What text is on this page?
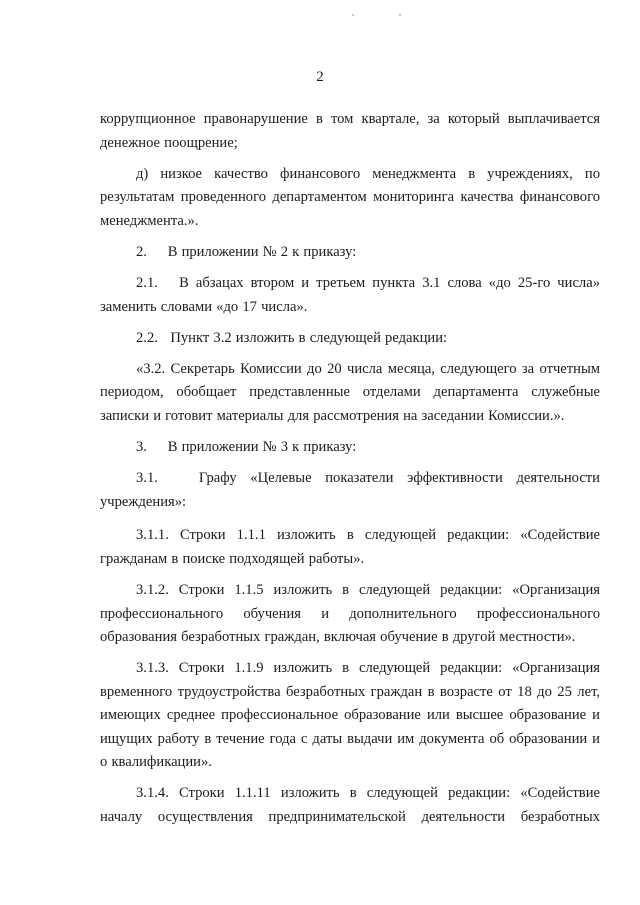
2

коррупционное правонарушение в том квартале, за который выплачивается денежное поощрение;

д) низкое качество финансового менеджмента в учреждениях, по результатам проведенного департаментом мониторинга качества финансового менеджмента.».

2.     В приложении № 2 к приказу:

2.1.   В абзацах втором и третьем пункта 3.1 слова «до 25-го числа» заменить словами «до 17 числа».

2.2.   Пункт 3.2 изложить в следующей редакции:

«3.2. Секретарь Комиссии до 20 числа месяца, следующего за отчетным периодом, обобщает представленные отделами департамента служебные записки и готовит материалы для рассмотрения на заседании Комиссии.».

3.     В приложении № 3 к приказу:

3.1.   Графу «Целевые показатели эффективности деятельности учреждения»:

3.1.1. Строки 1.1.1 изложить в следующей редакции: «Содействие гражданам в поиске подходящей работы».

3.1.2. Строки 1.1.5 изложить в следующей редакции: «Организация профессионального обучения и дополнительного профессионального образования безработных граждан, включая обучение в другой местности».

3.1.3. Строки 1.1.9 изложить в следующей редакции: «Организация временного трудоустройства безработных граждан в возрасте от 18 до 25 лет, имеющих среднее профессиональное образование или высшее образование и ищущих работу в течение года с даты выдачи им документа об образовании и о квалификации».

3.1.4. Строки 1.1.11 изложить в следующей редакции: «Содействие началу осуществления предпринимательской деятельности безработных
